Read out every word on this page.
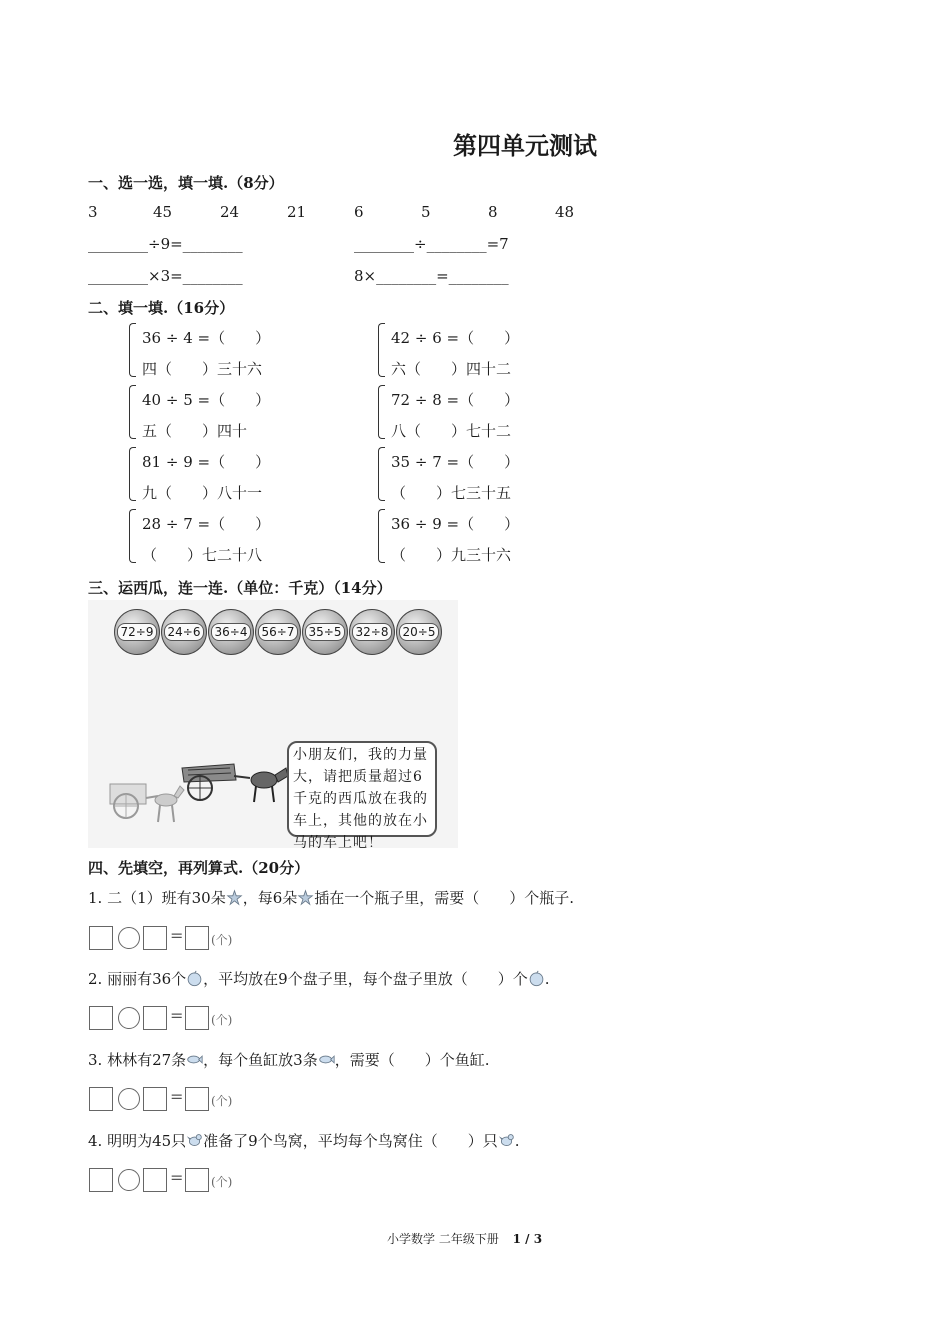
第四单元测试
一、选一选，填一填.（8分）
3	45	24	21	6	5	8	48
________÷9=________	________÷________=7
________×3=________	8×________=________
二、填一填.（16分）
36 ÷ 4 =（　　）
四（　　）三十六
42 ÷ 6 =（　　）
六（　　）四十二
40 ÷ 5 =（　　）
五（　　）四十
72 ÷ 8 =（　　）
八（　　）七十二
81 ÷ 9 =（　　）
九（　　）八十一
35 ÷ 7 =（　　）
（　　）七三十五
28 ÷ 7 =（　　）
（　　）七二十八
36 ÷ 9 =（　　）
（　　）九三十六
三、运西瓜，连一连.（单位：千克）（14分）
72÷9 24÷6 36÷4 56÷7 35÷5 32÷8 20÷5
小朋友们，我的力量大，请把质量超过6千克的西瓜放在我的车上，其他的放在小马的车上吧！
四、先填空，再列算式.（20分）
1. 二（1）班有30朵 ，每6朵 插在一个瓶子里，需要（　　）个瓶子.
= (个)
2. 丽丽有36个 ，平均放在9个盘子里，每个盘子里放（　　）个 .
= (个)
3. 林林有27条 ，每个鱼缸放3条 ，需要（　　）个鱼缸.
= (个)
4. 明明为45只 准备了9个鸟窝，平均每个鸟窝住（　　）只 .
= (个)
小学数学 二年级下册 1 / 3
